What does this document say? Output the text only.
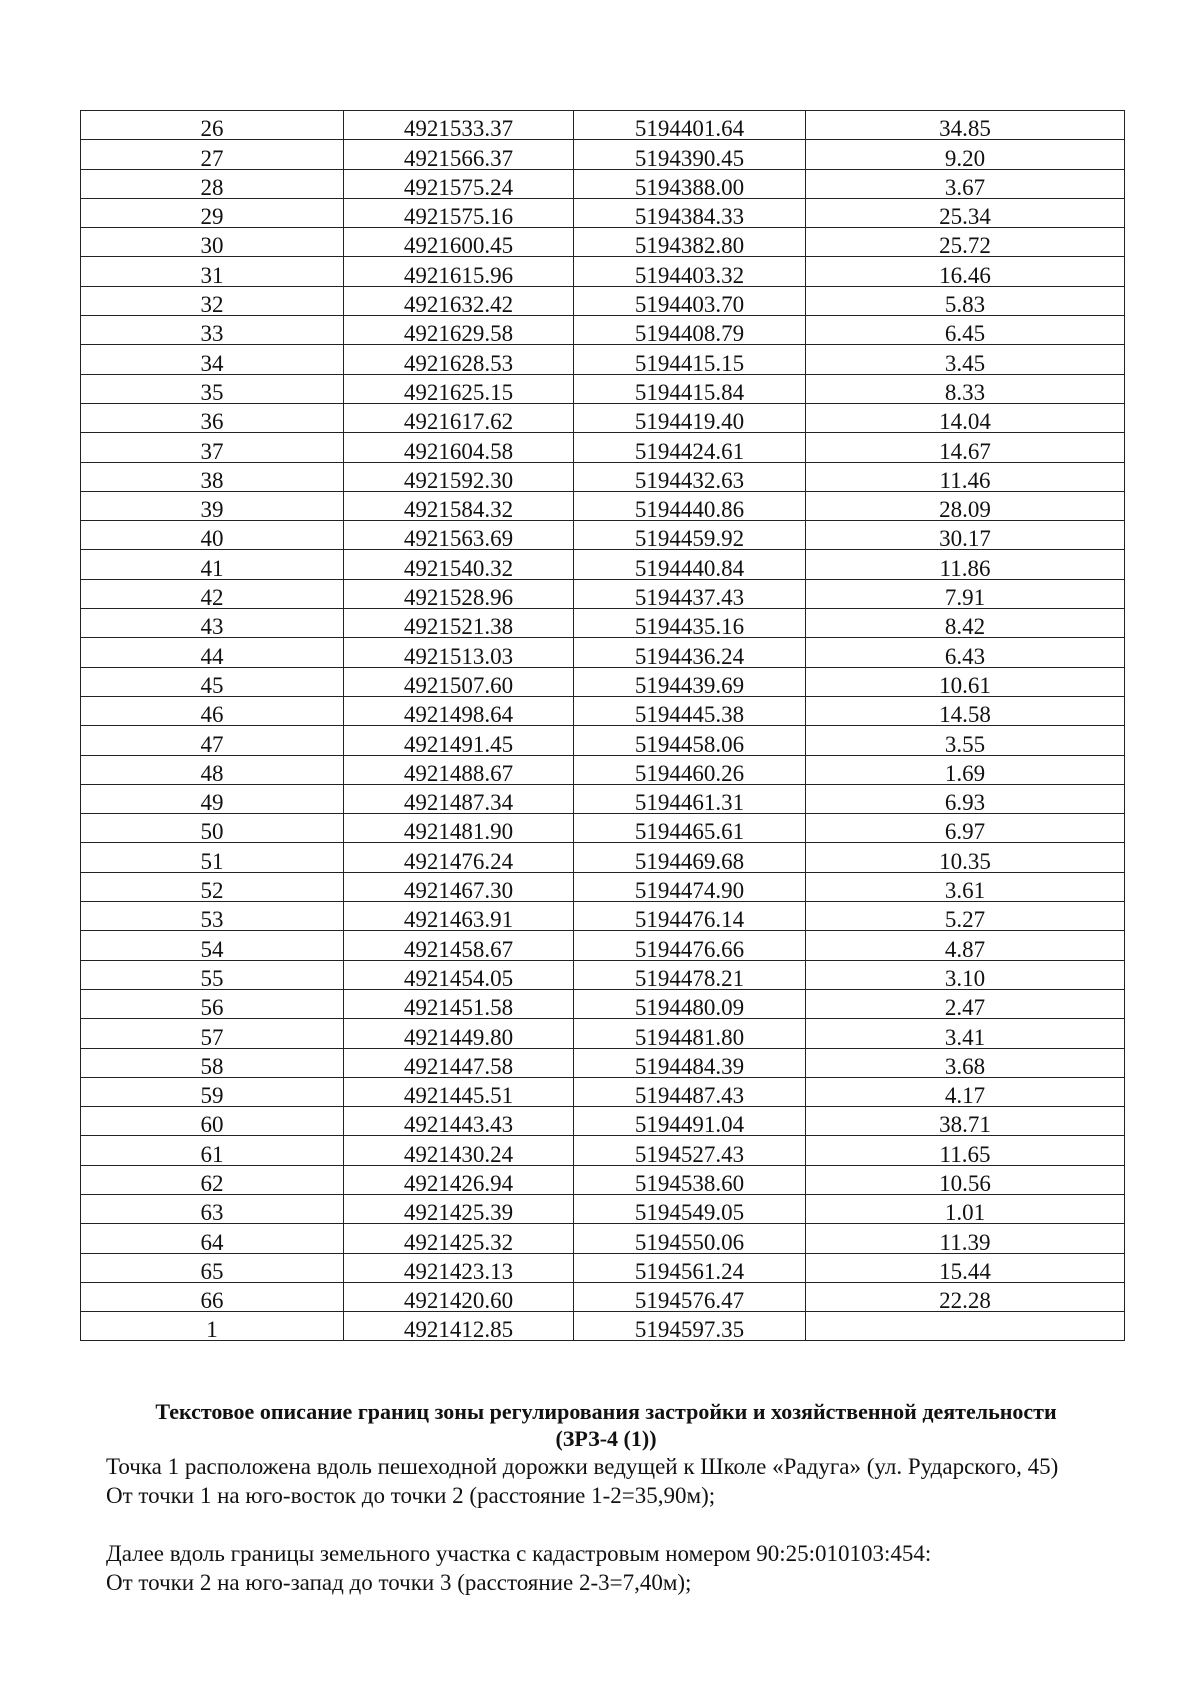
26	4921533.37	5194401.64	34.85
27	4921566.37	5194390.45	9.20
28	4921575.24	5194388.00	3.67
29	4921575.16	5194384.33	25.34
30	4921600.45	5194382.80	25.72
31	4921615.96	5194403.32	16.46
32	4921632.42	5194403.70	5.83
33	4921629.58	5194408.79	6.45
34	4921628.53	5194415.15	3.45
35	4921625.15	5194415.84	8.33
36	4921617.62	5194419.40	14.04
37	4921604.58	5194424.61	14.67
38	4921592.30	5194432.63	11.46
39	4921584.32	5194440.86	28.09
40	4921563.69	5194459.92	30.17
41	4921540.32	5194440.84	11.86
42	4921528.96	5194437.43	7.91
43	4921521.38	5194435.16	8.42
44	4921513.03	5194436.24	6.43
45	4921507.60	5194439.69	10.61
46	4921498.64	5194445.38	14.58
47	4921491.45	5194458.06	3.55
48	4921488.67	5194460.26	1.69
49	4921487.34	5194461.31	6.93
50	4921481.90	5194465.61	6.97
51	4921476.24	5194469.68	10.35
52	4921467.30	5194474.90	3.61
53	4921463.91	5194476.14	5.27
54	4921458.67	5194476.66	4.87
55	4921454.05	5194478.21	3.10
56	4921451.58	5194480.09	2.47
57	4921449.80	5194481.80	3.41
58	4921447.58	5194484.39	3.68
59	4921445.51	5194487.43	4.17
60	4921443.43	5194491.04	38.71
61	4921430.24	5194527.43	11.65
62	4921426.94	5194538.60	10.56
63	4921425.39	5194549.05	1.01
64	4921425.32	5194550.06	11.39
65	4921423.13	5194561.24	15.44
66	4921420.60	5194576.47	22.28
1	4921412.85	5194597.35	
Текстовое описание границ зоны регулирования застройки и хозяйственной деятельности (ЗРЗ-4 (1))

Точка 1 расположена вдоль пешеходной дорожки ведущей к Школе «Радуга» (ул. Рударского, 45)

От точки 1 на юго-восток до точки 2 (расстояние 1-2=35,90м);

Далее вдоль границы земельного участка с кадастровым номером 90:25:010103:454:

От точки 2 на юго-запад до точки 3 (расстояние 2-3=7,40м);
